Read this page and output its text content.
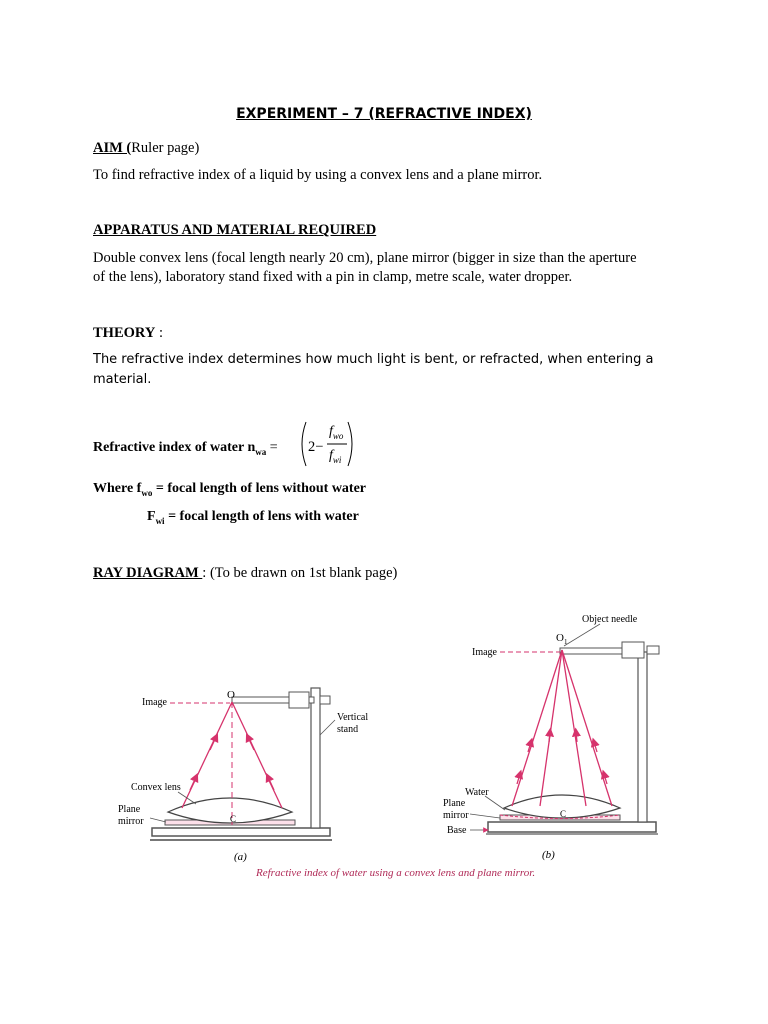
EXPERIMENT – 7 (REFRACTIVE INDEX)
AIM (Ruler page)
To find refractive index of a liquid by using a convex lens and a plane mirror.
APPARATUS AND MATERIAL REQUIRED
Double convex lens (focal length nearly 20 cm), plane mirror (bigger in size than the aperture
of the lens), laboratory stand fixed with a pin in clamp, metre scale, water dropper.
THEORY :
The refractive index determines how much light is bent, or refracted, when entering a material.
Refractive index of water $n_{wa} = 2-$
$f_{wo}$
$f_{wi}$
Where $f_{wo}$ = focal length of lens without water
$F_{wi}$ = focal length of lens with water
RAY DIAGRAM : (To be drawn on 1st blank page)
Image
O
Vertical
stand
Convex lens
Plane
mirror	C
(a)
Object needle
Image
$O_1$
Water
Plane
mirror
Base
C
(b)
Refractive index of water using a convex lens and plane mirror.
